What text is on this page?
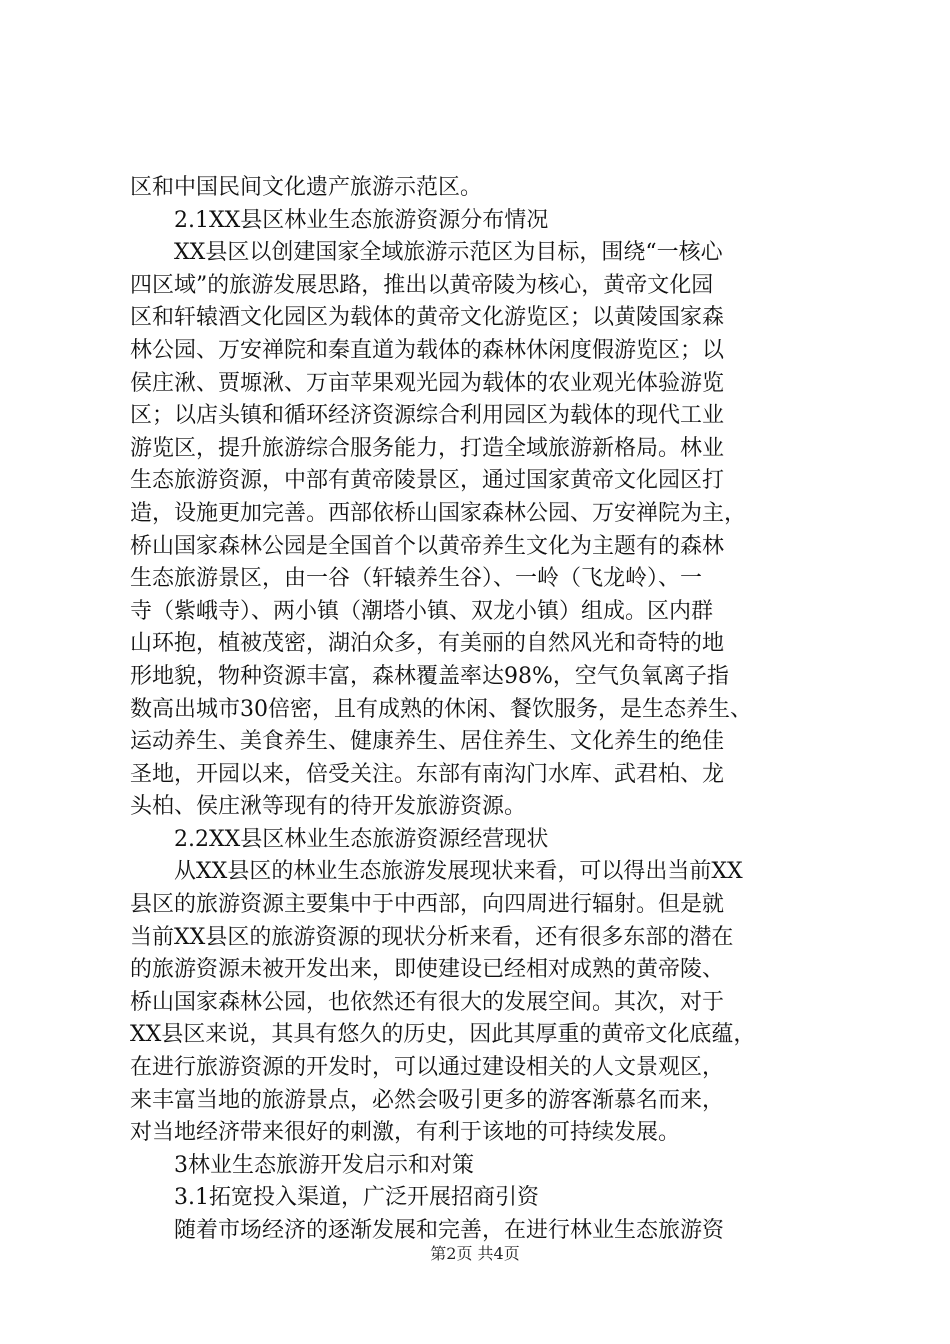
区和中国民间文化遗产旅游示范区。
2.1XX县区林业生态旅游资源分布情况
XX县区以创建国家全域旅游示范区为目标，围绕“一核心
四区域”的旅游发展思路，推出以黄帝陵为核心，黄帝文化园
区和轩辕酒文化园区为载体的黄帝文化游览区；以黄陵国家森
林公园、万安禅院和秦直道为载体的森林休闲度假游览区；以
侯庄湫、贾塬湫、万亩苹果观光园为载体的农业观光体验游览
区；以店头镇和循环经济资源综合利用园区为载体的现代工业
游览区，提升旅游综合服务能力，打造全域旅游新格局。林业
生态旅游资源，中部有黄帝陵景区，通过国家黄帝文化园区打
造，设施更加完善。西部依桥山国家森林公园、万安禅院为主，
桥山国家森林公园是全国首个以黄帝养生文化为主题有的森林
生态旅游景区，由一谷（轩辕养生谷）、一岭（飞龙岭）、一
寺（紫峨寺）、两小镇（潮塔小镇、双龙小镇）组成。区内群
山环抱，植被茂密，湖泊众多，有美丽的自然风光和奇特的地
形地貌，物种资源丰富，森林覆盖率达98%，空气负氧离子指
数高出城市30倍密，且有成熟的休闲、餐饮服务，是生态养生、
运动养生、美食养生、健康养生、居住养生、文化养生的绝佳
圣地，开园以来，倍受关注。东部有南沟门水库、武君柏、龙
头柏、侯庄湫等现有的待开发旅游资源。
2.2XX县区林业生态旅游资源经营现状
从XX县区的林业生态旅游发展现状来看，可以得出当前XX
县区的旅游资源主要集中于中西部，向四周进行辐射。但是就
当前XX县区的旅游资源的现状分析来看，还有很多东部的潜在
的旅游资源未被开发出来，即使建设已经相对成熟的黄帝陵、
桥山国家森林公园，也依然还有很大的发展空间。其次，对于
XX县区来说，其具有悠久的历史，因此其厚重的黄帝文化底蕴，
在进行旅游资源的开发时，可以通过建设相关的人文景观区，
来丰富当地的旅游景点，必然会吸引更多的游客渐慕名而来，
对当地经济带来很好的刺激，有利于该地的可持续发展。
3林业生态旅游开发启示和对策
3.1拓宽投入渠道，广泛开展招商引资
随着市场经济的逐渐发展和完善，在进行林业生态旅游资
第2页 共4页
